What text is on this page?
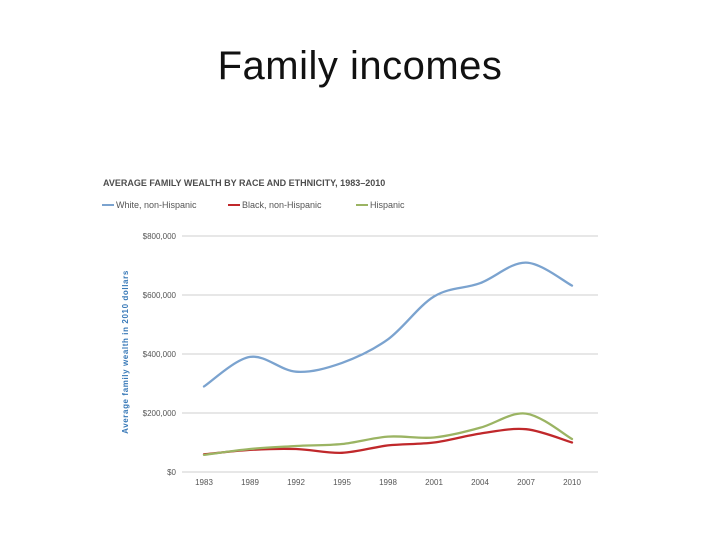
Family incomes
AVERAGE FAMILY WEALTH BY RACE AND ETHNICITY, 1983–2010
White, non-Hispanic	Black, non-Hispanic	Hispanic
Average family wealth in 2010 dollars
$0
$200,000
$400,000
$600,000
$800,000
1983	1989	1992	1995	1998	2001	2004	2007	2010
